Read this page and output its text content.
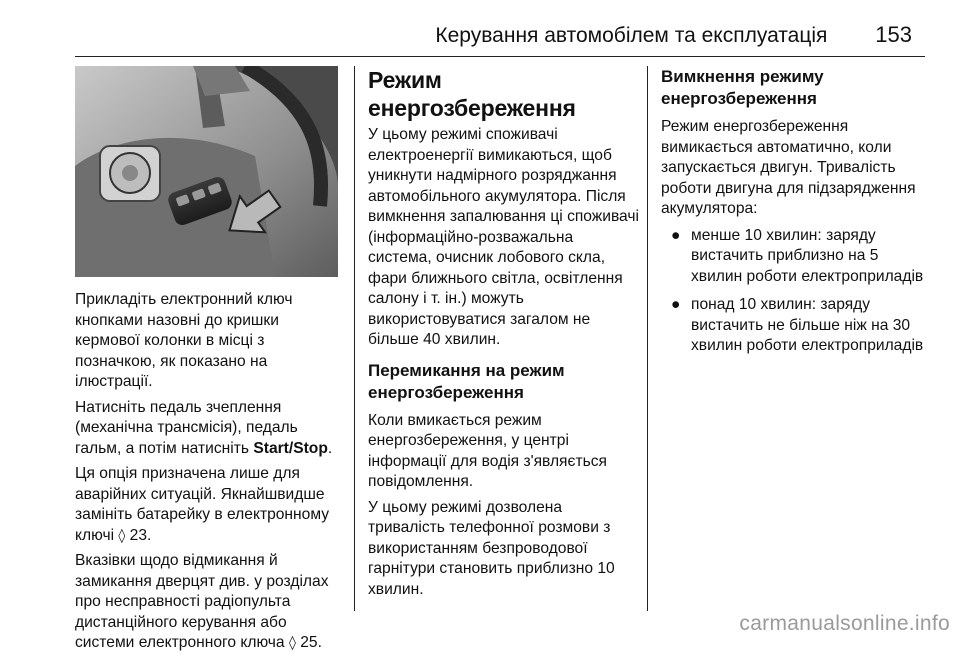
Керування автомобілем та експлуатація 153

Прикладіть електронний ключ кнопками назовні до кришки кермової колонки в місці з позначкою, як показано на ілюстрації.

Натисніть педаль зчеплення (механічна трансмісія), педаль гальм, а потім натисніть Start/Stop.

Ця опція призначена лише для аварійних ситуацій. Якнайшвидше замініть батарейку в електронному ключі ◊ 23.

Вказівки щодо відмикання й замикання дверцят див. у розділах про несправності радіопульта дистанційного керування або системи електронного ключа ◊ 25.

Режим енергозбереження

У цьому режимі споживачі електроенергії вимикаються, щоб уникнути надмірного розряджання автомобільного акумулятора. Після вимкнення запалювання ці споживачі (інформаційно-розважальна система, очисник лобового скла, фари ближнього світла, освітлення салону і т. ін.) можуть використовуватися загалом не більше 40 хвилин.

Перемикання на режим енергозбереження

Коли вмикається режим енергозбереження, у центрі інформації для водія з'являється повідомлення.

У цьому режимі дозволена тривалість телефонної розмови з використанням безпроводової гарнітури становить приблизно 10 хвилин.

Вимкнення режиму енергозбереження

Режим енергозбереження вимикається автоматично, коли запускається двигун. Тривалість роботи двигуна для підзарядження акумулятора:

● менше 10 хвилин: заряду вистачить приблизно на 5 хвилин роботи електроприладів
● понад 10 хвилин: заряду вистачить не більше ніж на 30 хвилин роботи електроприладів
carmanualsonline.info
